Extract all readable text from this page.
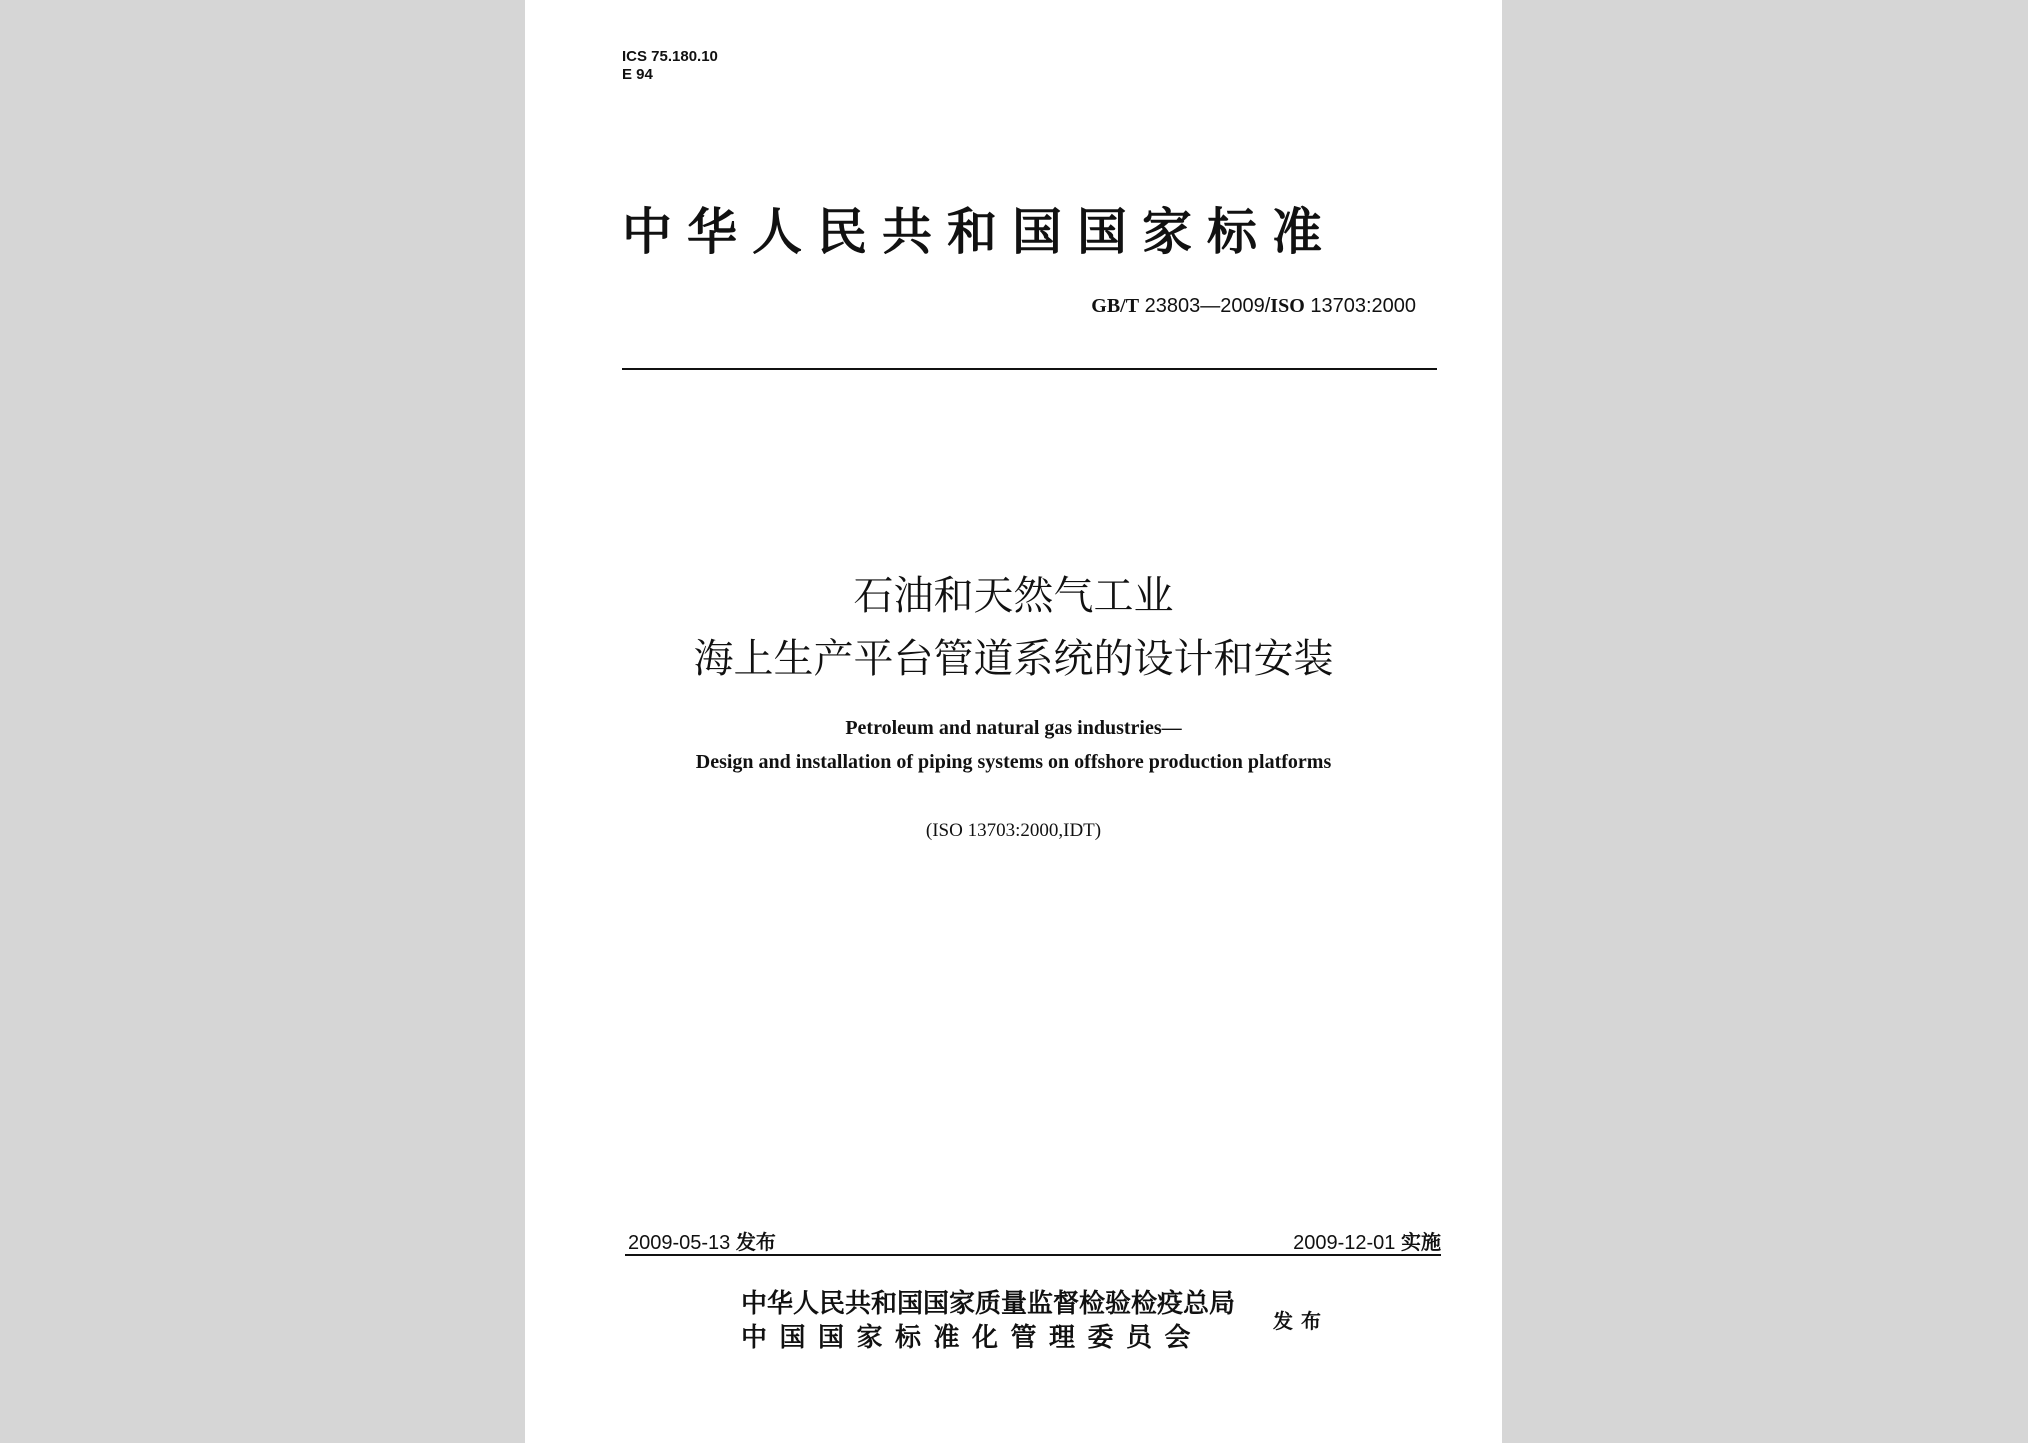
ICS 75.180.10
E 94
中华人民共和国国家标准
GB/T 23803—2009/ISO 13703:2000
石油和天然气工业
海上生产平台管道系统的设计和安装
Petroleum and natural gas industries—
Design and installation of piping systems on offshore production platforms
(ISO 13703:2000,IDT)
2009-05-13 发布	2009-12-01 实施
中华人民共和国国家质量监督检验检疫总局
中国国家标准化管理委员会
发布
